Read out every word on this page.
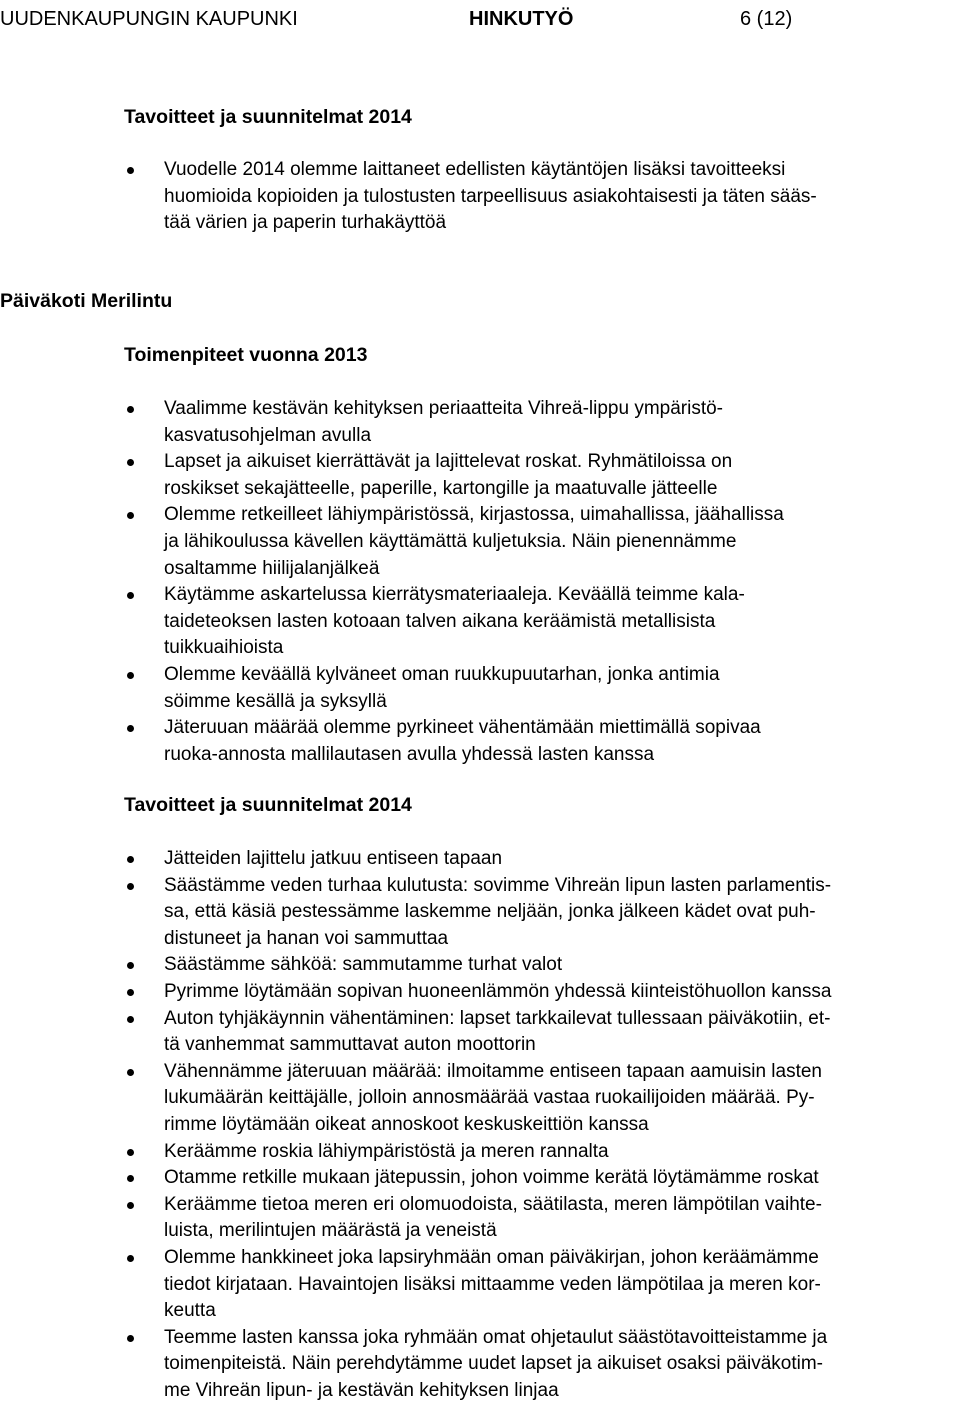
UUDENKAUPUNGIN KAUPUNKI	HINKUTYÖ	6 (12)
Tavoitteet ja suunnitelmat 2014
Vuodelle 2014 olemme laittaneet edellisten käytäntöjen lisäksi tavoitteeksi
huomioida kopioiden ja tulostusten tarpeellisuus asiakohtaisesti ja täten sääs-
tää värien ja paperin turhakäyttöä
Päiväkoti Merilintu
Toimenpiteet vuonna 2013
Vaalimme kestävän kehityksen periaatteita Vihreä-lippu ympäristö-
kasvatusohjelman avulla
Lapset ja aikuiset kierrättävät ja lajittelevat roskat. Ryhmätiloissa on
roskikset sekajätteelle, paperille, kartongille ja maatuvalle jätteelle
Olemme retkeilleet lähiympäristössä, kirjastossa, uimahallissa, jäähallissa
ja lähikoulussa kävellen käyttämättä kuljetuksia. Näin pienennämme
osaltamme hiilijalanjälkeä
Käytämme askartelussa kierrätysmateriaaleja. Keväällä teimme kala-
taideteoksen lasten kotoaan talven aikana keräämistä metallisista
tuikkuaihioista
Olemme keväällä kylväneet oman ruukkupuutarhan, jonka antimia
söimme kesällä ja syksyllä
Jäteruuan määrää olemme pyrkineet vähentämään miettimällä sopivaa
ruoka-annosta mallilautasen avulla yhdessä lasten kanssa
Tavoitteet ja suunnitelmat 2014
Jätteiden lajittelu jatkuu entiseen tapaan
Säästämme veden turhaa kulutusta: sovimme Vihreän lipun lasten parlamentis-
sa, että käsiä pestessämme laskemme neljään, jonka jälkeen kädet ovat puh-
distuneet ja hanan voi sammuttaa
Säästämme sähköä: sammutamme turhat valot
Pyrimme löytämään sopivan huoneenlämmön yhdessä kiinteistöhuollon kanssa
Auton tyhjäkäynnin vähentäminen: lapset tarkkailevat tullessaan päiväkotiin, et-
tä vanhemmat sammuttavat auton moottorin
Vähennämme jäteruuan määrää: ilmoitamme entiseen tapaan aamuisin lasten
lukumäärän keittäjälle, jolloin annosmäärää vastaa ruokailijoiden määrää. Py-
rimme löytämään oikeat annoskoot keskuskeittiön kanssa
Keräämme roskia lähiympäristöstä ja meren rannalta
Otamme retkille mukaan jätepussin, johon voimme kerätä löytämämme roskat
Keräämme tietoa meren eri olomuodoista, säätilasta, meren lämpötilan vaihte-
luista, merilintujen määrästä ja veneistä
Olemme hankkineet joka lapsiryhmään oman päiväkirjan, johon keräämämme
tiedot kirjataan. Havaintojen lisäksi mittaamme veden lämpötilaa ja meren kor-
keutta
Teemme lasten kanssa joka ryhmään omat ohjetaulut säästötavoitteistamme ja
toimenpiteistä. Näin perehdytämme uudet lapset ja aikuiset osaksi päiväkotim-
me Vihreän lipun- ja kestävän kehityksen linjaa
